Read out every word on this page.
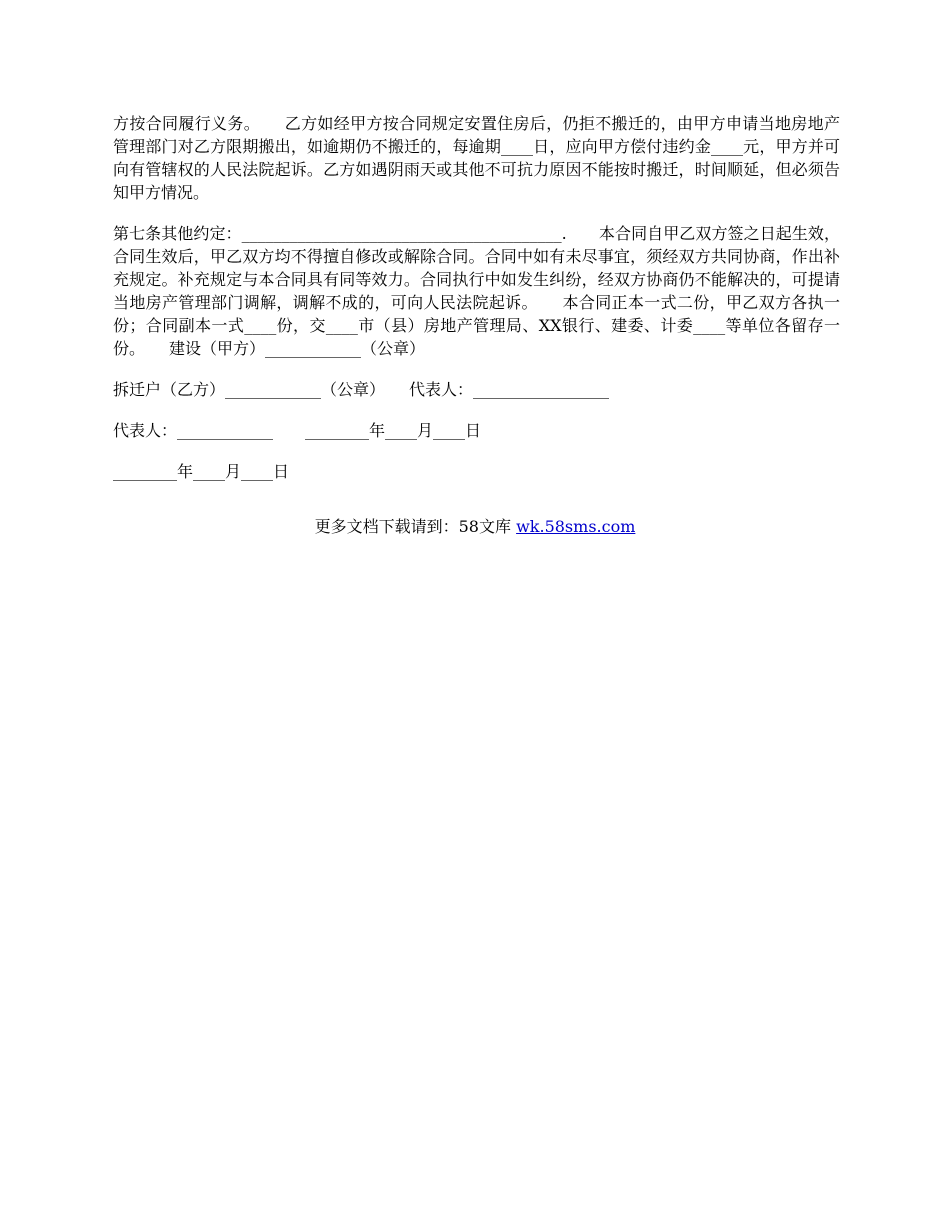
方按合同履行义务。　　乙方如经甲方按合同规定安置住房后，仍拒不搬迁的，由甲方申请当地房地产管理部门对乙方限期搬出，如逾期仍不搬迁的，每逾期____日，应向甲方偿付违约金____元，甲方并可向有管辖权的人民法院起诉。乙方如遇阴雨天或其他不可抗力原因不能按时搬迁，时间顺延，但必须告知甲方情况。

第七条其他约定：________________________________________.　　本合同自甲乙双方签之日起生效，合同生效后，甲乙双方均不得擅自修改或解除合同。合同中如有未尽事宜，须经双方共同协商，作出补充规定。补充规定与本合同具有同等效力。合同执行中如发生纠纷，经双方协商仍不能解决的，可提请当地房产管理部门调解，调解不成的，可向人民法院起诉。　　本合同正本一式二份，甲乙双方各执一份；合同副本一式____份，交____市（县）房地产管理局、XX银行、建委、计委____等单位各留存一份。　　建设（甲方）____________（公章）

拆迁户（乙方）____________（公章）　　代表人：_________________

代表人：____________　　________年____月____日

________年____月____日

更多文档下载请到：58文库 wk.58sms.com
